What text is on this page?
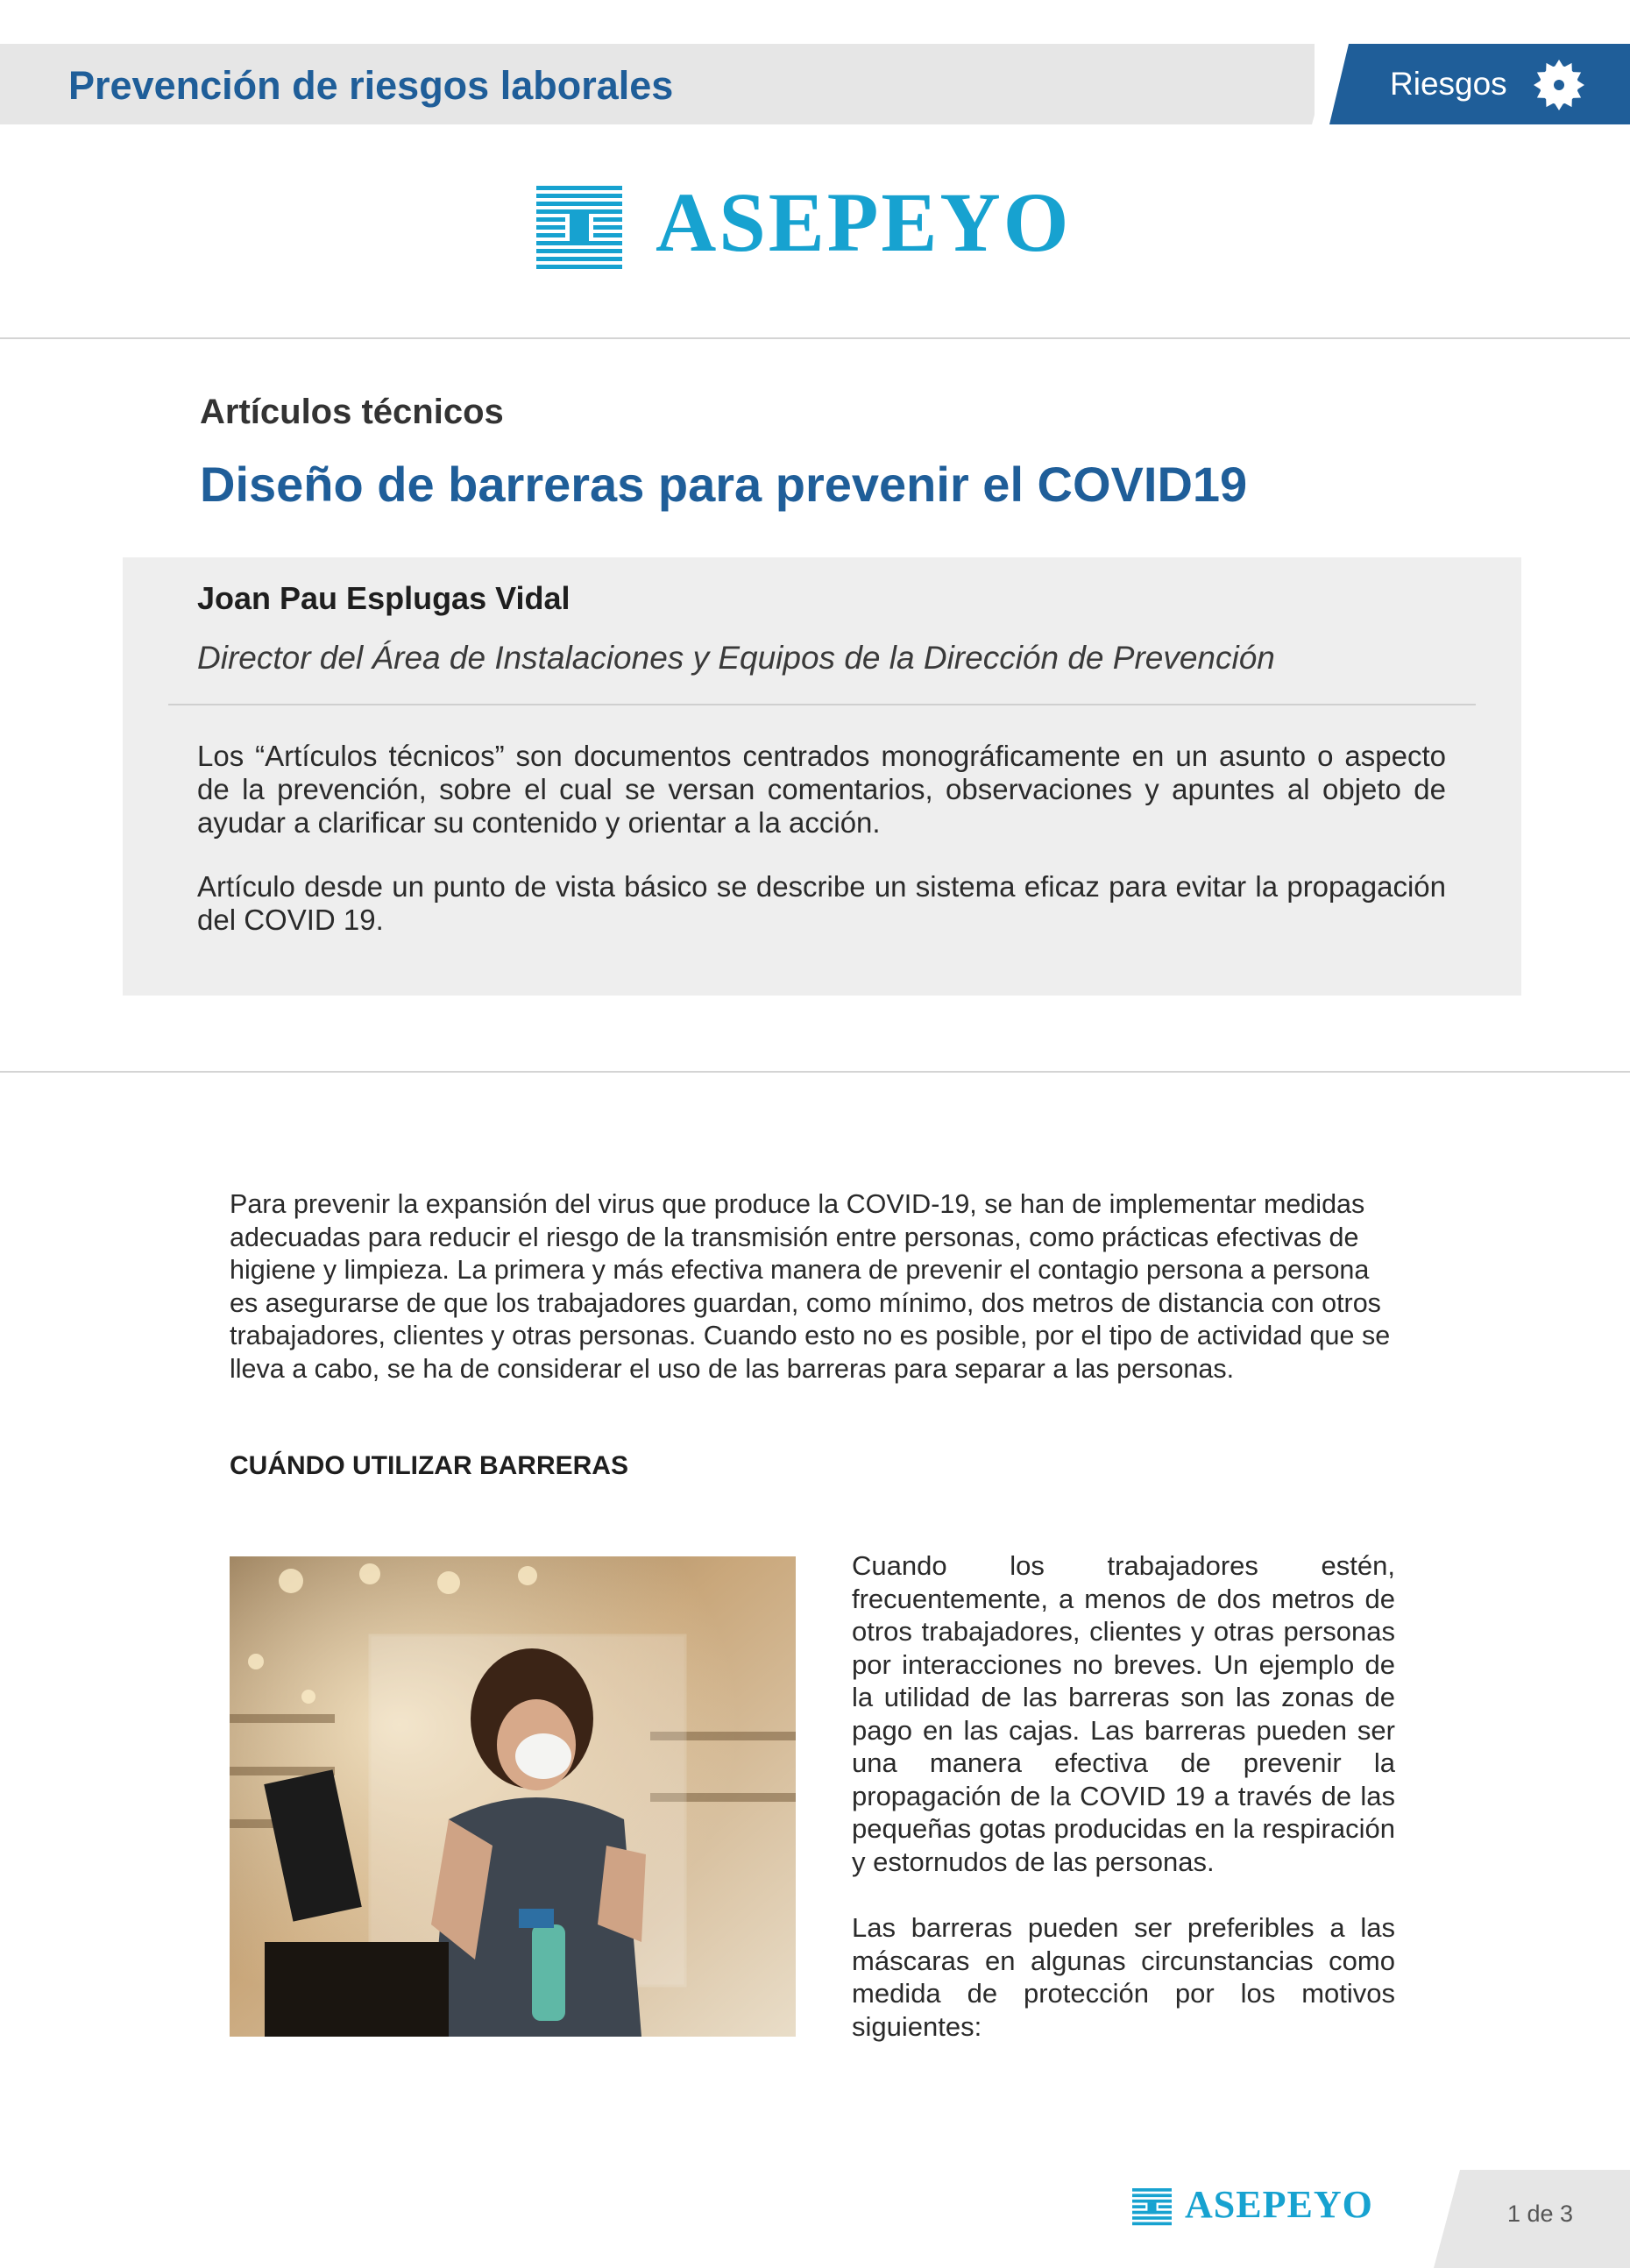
Prevención de riesgos laborales	Riesgos
ASEPEYO
Artículos técnicos
Diseño de barreras para prevenir el COVID19
Joan Pau Esplugas Vidal
Director del Área de Instalaciones y Equipos de la Dirección de Prevención
Los “Artículos técnicos” son documentos centrados monográficamente en un asunto o aspecto de la prevención, sobre el cual se versan comentarios, observaciones y apuntes al objeto de ayudar a clarificar su contenido y orientar a la acción.
Artículo desde un punto de vista básico se describe un sistema eficaz para evitar la propagación del COVID 19.
Para prevenir la expansión del virus que produce la COVID-19, se han de implementar medidas adecuadas para reducir el riesgo de la transmisión entre personas, como prácticas efectivas de higiene y limpieza. La primera y más efectiva manera de prevenir el contagio persona a persona es asegurarse de que los trabajadores guardan, como mínimo, dos metros de distancia con otros trabajadores, clientes y otras personas. Cuando esto no es posible, por el tipo de actividad que se lleva a cabo, se ha de considerar el uso de las barreras para separar a las personas.
CUÁNDO UTILIZAR BARRERAS
Cuando los trabajadores estén, frecuentemente, a menos de dos metros de otros trabajadores, clientes y otras personas por interacciones no breves. Un ejemplo de la utilidad de las barreras son las zonas de pago en las cajas. Las barreras pueden ser una manera efectiva de prevenir la propagación de la COVID 19 a través de las pequeñas gotas producidas en la respiración y estornudos de las personas.
Las barreras pueden ser preferibles a las máscaras en algunas circunstancias como medida de protección por los motivos siguientes:
ASEPEYO	1 de 3
